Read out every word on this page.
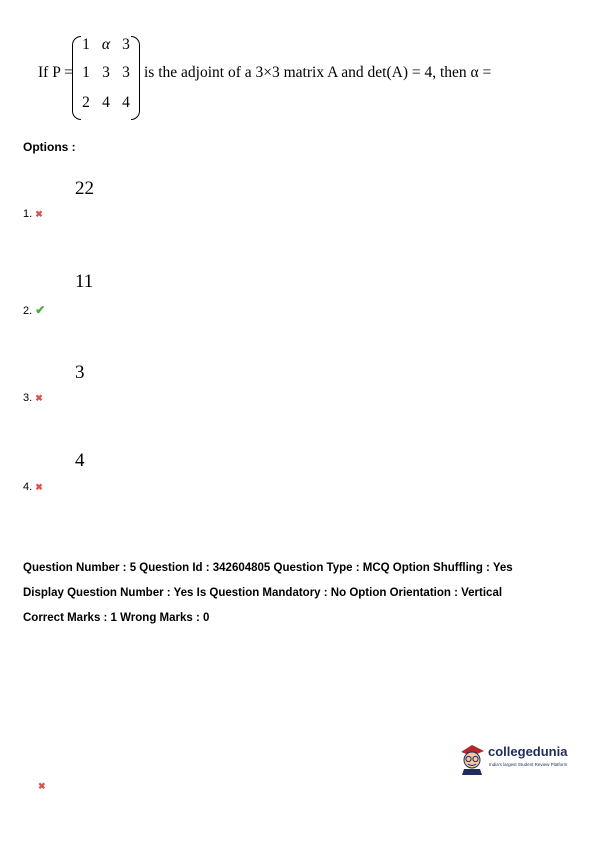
If P =
1 α 3
1 3 3
2 4 4
is the adjoint of a 3×3 matrix A and det(A) = 4, then α =
Options :
22
1. ✖
11
2. ✔
3
3. ✖
4
4. ✖
Question Number : 5 Question Id : 342604805 Question Type : MCQ Option Shuffling : Yes
Display Question Number : Yes Is Question Mandatory : No Option Orientation : Vertical
Correct Marks : 1 Wrong Marks : 0
collegedunia
India's largest Student Review Platform
✖
